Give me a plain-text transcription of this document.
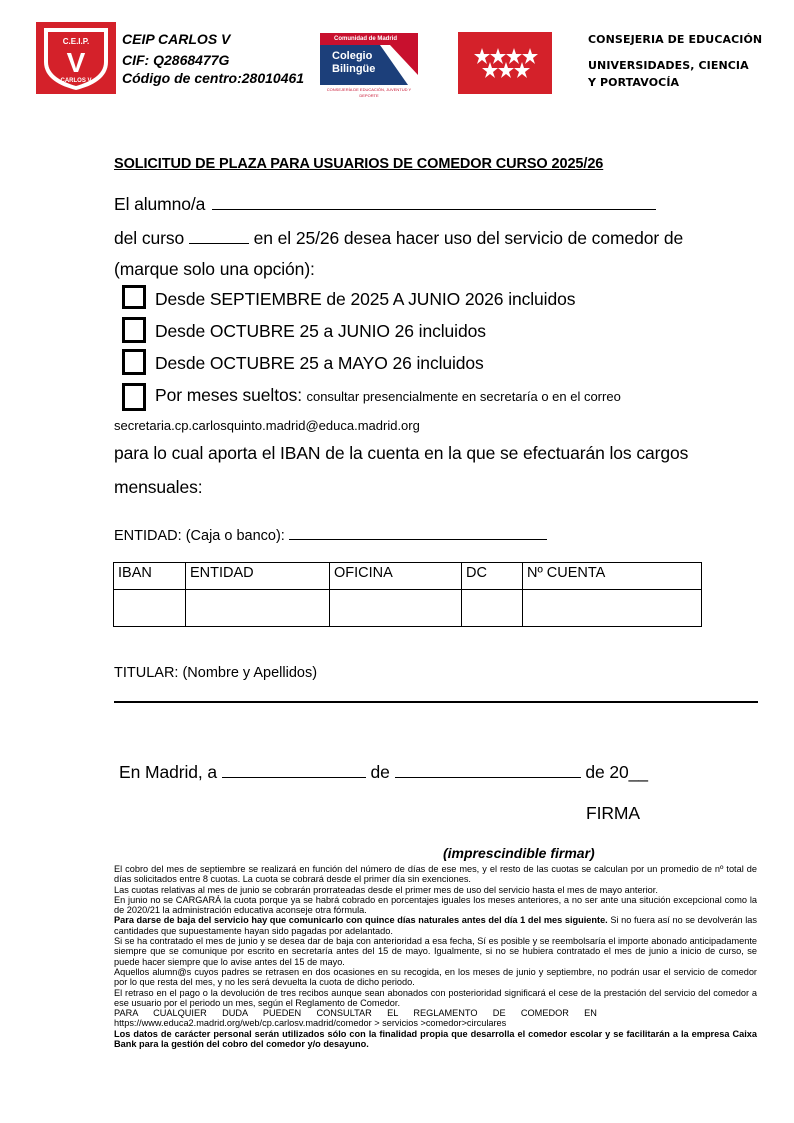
C.E.I.P.
V
CARLOS V
CEIP CARLOS V
CIF: Q2868477G
Código de centro:28010461
Comunidad de Madrid
Colegio
Bilingüe
CONSEJERÍA DE EDUCACIÓN, JUVENTUD Y DEPORTE
CONSEJERIA DE EDUCACIÓN
UNIVERSIDADES, CIENCIA
Y PORTAVOCÍA
SOLICITUD DE PLAZA PARA USUARIOS DE COMEDOR CURSO 2025/26
El alumno/a
del curso	en el 25/26 desea hacer uso del servicio de comedor de
(marque solo una opción):
Desde SEPTIEMBRE de 2025 A JUNIO 2026 incluidos
Desde OCTUBRE 25 a JUNIO 26 incluidos
Desde OCTUBRE 25 a MAYO 26 incluidos
Por meses sueltos: consultar presencialmente en secretaría o en el correo
secretaria.cp.carlosquinto.madrid@educa.madrid.org
para lo cual aporta el IBAN de la cuenta en la que se efectuarán los cargos
mensuales:
ENTIDAD: (Caja o banco):
IBAN	ENTIDAD	OFICINA	DC	Nº CUENTA

TITULAR: (Nombre y Apellidos)
En Madrid, a	de	de 20__
FIRMA
(imprescindible firmar)

El cobro del mes de septiembre se realizará en función del número de días de ese mes, y el resto de las cuotas se calculan por un promedio de nº total de días solicitados entre 8 cuotas. La cuota se cobrará desde el primer día sin exenciones.

Las cuotas relativas al mes de junio se cobrarán prorrateadas desde el primer mes de uso del servicio hasta el mes de mayo anterior.

En junio no se CARGARÁ la cuota porque ya se habrá cobrado en porcentajes iguales los meses anteriores, a no ser ante una situción excepcional como la de 2020/21 la administración educativa aconseje otra fórmula.

Para darse de baja del servicio hay que comunicarlo con quince días naturales antes del día 1 del mes siguiente. Si no fuera así no se devolverán las cantidades que supuestamente hayan sido pagadas por adelantado.

Si se ha contratado el mes de junio y se desea dar de baja con anterioridad a esa fecha, Sí es posible y se reembolsaría el importe abonado anticipadamente siempre que se comunique por escrito en secretaría antes del 15 de mayo. Igualmente, si no se hubiera contratado el mes de junio a inicio de curso, se puede hacer siempre que lo avise antes del 15 de mayo.

Aquellos alumn@s cuyos padres se retrasen en dos ocasiones en su recogida, en los meses de junio y septiembre, no podrán usar el servicio de comedor por lo que resta del mes, y no les será devuelta la cuota de dicho periodo.

El retraso en el pago o la devolución de tres recibos aunque sean abonados con posterioridad significará el cese de la prestación del servicio del comedor a ese usuario por el periodo un mes, según el Reglamento de Comedor.

PARA      CUALQUIER      DUDA      PUEDEN      CONSULTAR      EL      REGLAMENTO      DE      COMEDOR      EN

https://www.educa2.madrid.org/web/cp.carlosv.madrid/comedor > servicios >comedor>circulares

Los datos de carácter personal serán utilizados sólo con la finalidad propia que desarrolla el comedor escolar y se facilitarán a la empresa Caixa Bank para la gestión del cobro del comedor y/o desayuno.
